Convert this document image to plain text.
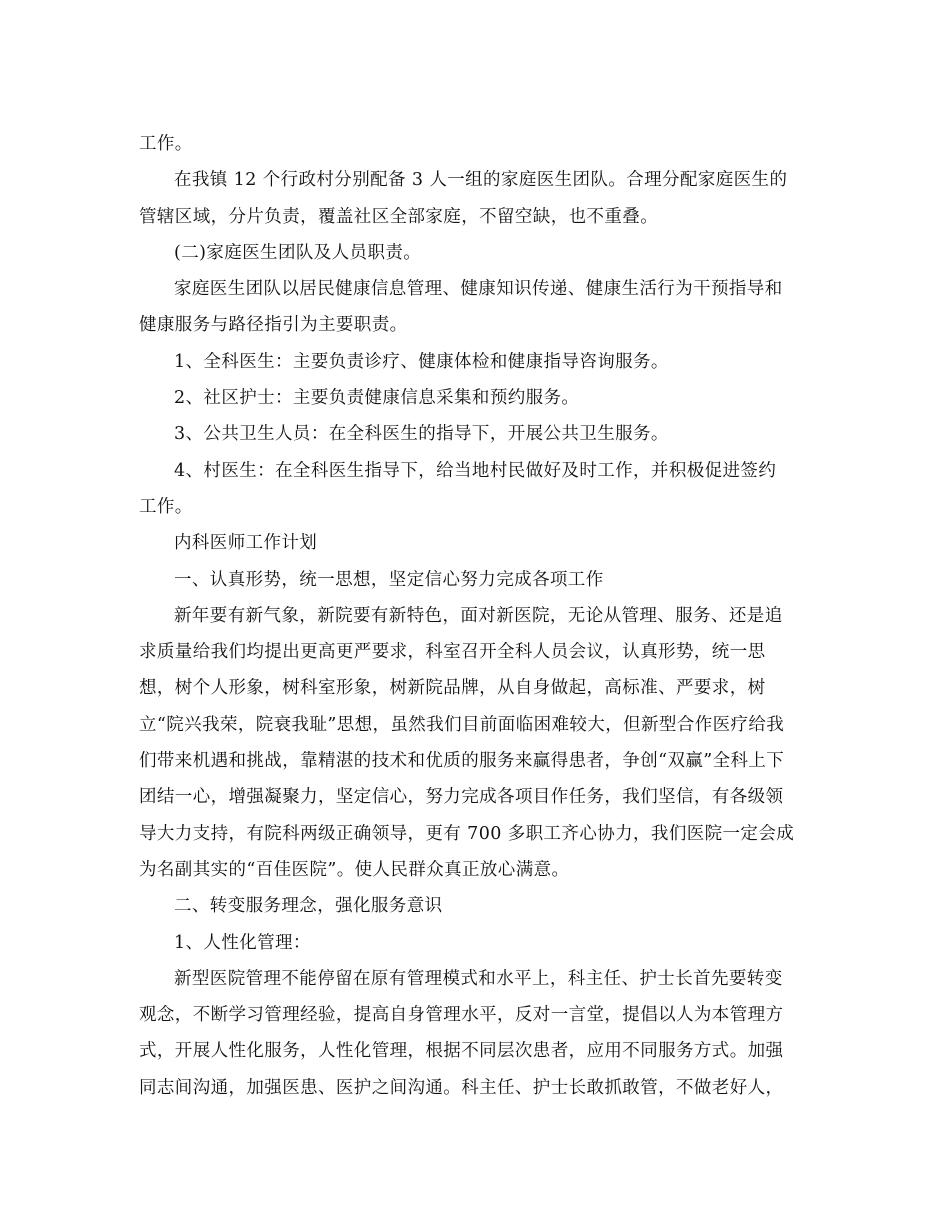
工作。
在我镇 12 个行政村分别配备 3 人一组的家庭医生团队。合理分配家庭医生的
管辖区域，分片负责，覆盖社区全部家庭，不留空缺，也不重叠。
(二)家庭医生团队及人员职责。
家庭医生团队以居民健康信息管理、健康知识传递、健康生活行为干预指导和
健康服务与路径指引为主要职责。
1、全科医生：主要负责诊疗、健康体检和健康指导咨询服务。
2、社区护士：主要负责健康信息采集和预约服务。
3、公共卫生人员：在全科医生的指导下，开展公共卫生服务。
4、村医生：在全科医生指导下，给当地村民做好及时工作，并积极促进签约
工作。
内科医师工作计划
一、认真形势，统一思想，坚定信心努力完成各项工作
新年要有新气象，新院要有新特色，面对新医院，无论从管理、服务、还是追
求质量给我们均提出更高更严要求，科室召开全科人员会议，认真形势，统一思
想，树个人形象，树科室形象，树新院品牌，从自身做起，高标准、严要求，树
立“院兴我荣，院衰我耻”思想，虽然我们目前面临困难较大，但新型合作医疗给我
们带来机遇和挑战，靠精湛的技术和优质的服务来赢得患者，争创“双赢”全科上下
团结一心，增强凝聚力，坚定信心，努力完成各项目作任务，我们坚信，有各级领
导大力支持，有院科两级正确领导，更有 700 多职工齐心协力，我们医院一定会成
为名副其实的“百佳医院”。使人民群众真正放心满意。
二、转变服务理念，强化服务意识
1、人性化管理：
新型医院管理不能停留在原有管理模式和水平上，科主任、护士长首先要转变
观念，不断学习管理经验，提高自身管理水平，反对一言堂，提倡以人为本管理方
式，开展人性化服务，人性化管理，根据不同层次患者，应用不同服务方式。加强
同志间沟通，加强医患、医护之间沟通。科主任、护士长敢抓敢管，不做老好人，
